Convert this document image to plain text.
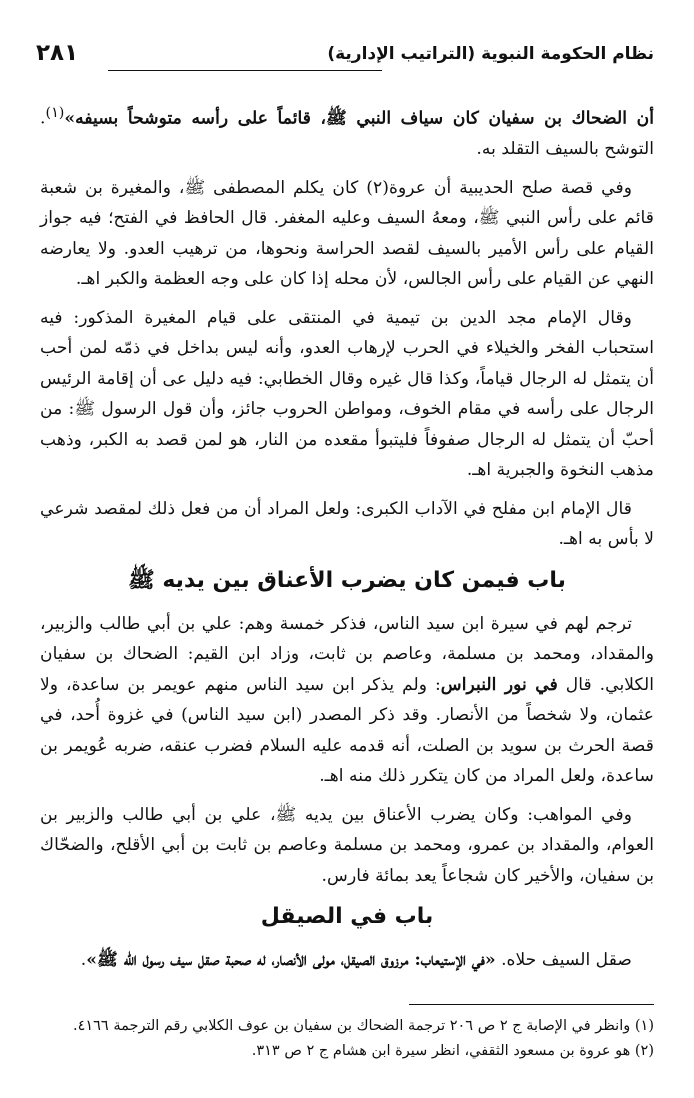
نظام الحكومة النبوية (التراتيب الإدارية)
٢٨١

أن الضحاك بن سفيان كان سياف النبي ﷺ، قائماً على رأسه متوشحاً بسيفه»$^{(١)}$. التوشح بالسيف التقلد به.

وفي قصة صلح الحديبية أن عروة(٢) كان يكلم المصطفى ﷺ، والمغيرة بن شعبة قائم على رأس النبي ﷺ، ومعهُ السيف وعليه المغفر. قال الحافظ في الفتح؛ فيه جواز القيام على رأس الأمير بالسيف لقصد الحراسة ونحوها، من ترهيب العدو. ولا يعارضه النهي عن القيام على رأس الجالس، لأن محله إذا كان على وجه العظمة والكبر اهـ.

وقال الإمام مجد الدين بن تيمية في المنتقى على قيام المغيرة المذكور: فيه استحباب الفخر والخيلاء في الحرب لإرهاب العدو، وأنه ليس بداخل في ذمّه لمن أحب أن يتمثل له الرجال قياماً، وكذا قال غيره وقال الخطابي: فيه دليل عى أن إقامة الرئيس الرجال على رأسه في مقام الخوف، ومواطن الحروب جائز، وأن قول الرسول ﷺ: من أحبّ أن يتمثل له الرجال صفوفاً فليتبوأ مقعده من النار، هو لمن قصد به الكبر، وذهب مذهب النخوة والجبرية اهـ.

قال الإمام ابن مفلح في الآداب الكبرى: ولعل المراد أن من فعل ذلك لمقصد شرعي لا بأس به اهـ.

باب فيمن كان يضرب الأعناق بين يديه ﷺ

ترجم لهم في سيرة ابن سيد الناس، فذكر خمسة وهم: علي بن أبي طالب والزبير، والمقداد، ومحمد بن مسلمة، وعاصم بن ثابت، وزاد ابن القيم: الضحاك بن سفيان الكلابي. قال في نور النبراس: ولم يذكر ابن سيد الناس منهم عويمر بن ساعدة، ولا عثمان، ولا شخصاً من الأنصار. وقد ذكر المصدر (ابن سيد الناس) في غزوة أُحد، في قصة الحرث بن سويد بن الصلت، أنه قدمه عليه السلام فضرب عنقه، ضربه عُويمر بن ساعدة، ولعل المراد من كان يتكرر ذلك منه اهـ.

وفي المواهب: وكان يضرب الأعناق بين يديه ﷺ، علي بن أبي طالب والزبير بن العوام، والمقداد بن عمرو، ومحمد بن مسلمة وعاصم بن ثابت بن أبي الأقلح، والضحّاك بن سفيان، والأخير كان شجاعاً يعد بمائة فارس.

باب في الصيقل

صقل السيف حلاه. «في الإستيعاب: مرزوق الصيقل، مولى الأنصار، له صحبة صقل سيف رسول الله ﷺ».

(١) وانظر في الإصابة ج ٢ ص ٢٠٦ ترجمة الضحاك بن سفيان بن عوف الكلابي رقم الترجمة ٤١٦٦.

(٢) هو عروة بن مسعود الثقفي، انظر سيرة ابن هشام ج ٢ ص ٣١٣.
